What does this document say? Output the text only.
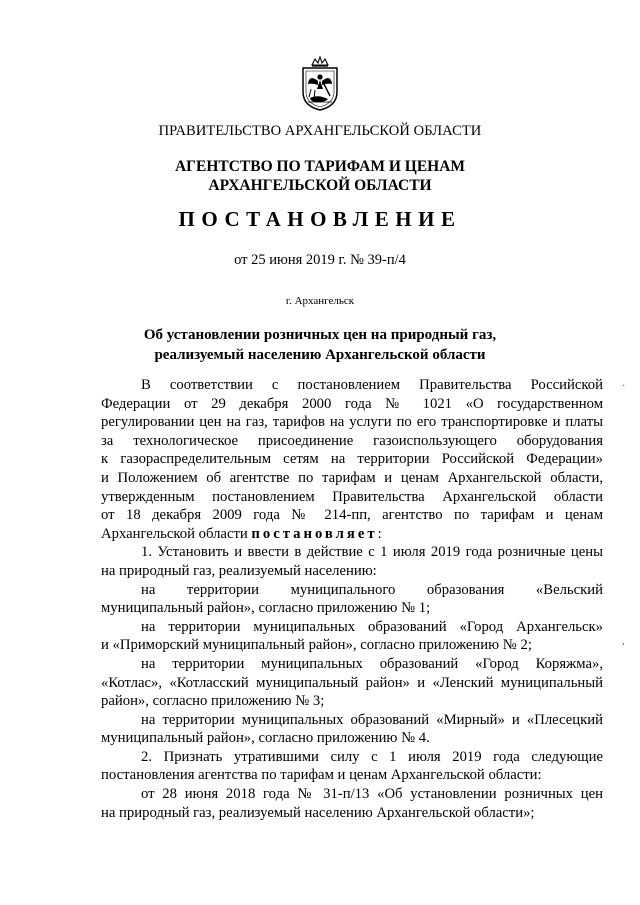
ПРАВИТЕЛЬСТВО АРХАНГЕЛЬСКОЙ ОБЛАСТИ
АГЕНТСТВО ПО ТАРИФАМ И ЦЕНАМ
АРХАНГЕЛЬСКОЙ ОБЛАСТИ
ПОСТАНОВЛЕНИЕ
от 25 июня 2019 г. № 39-п/4
г. Архангельск
Об установлении розничных цен на природный газ,
реализуемый населению Архангельской области

В соответствии с постановлением Правительства Российской

Федерации от 29 декабря 2000 года № 1021 «О государственном

регулировании цен на газ, тарифов на услуги по его транспортировке и платы

за технологическое присоединение газоиспользующего оборудования

к газораспределительным сетям на территории Российской Федерации»

и Положением об агентстве по тарифам и ценам Архангельской области,

утвержденным постановлением Правительства Архангельской области

от 18 декабря 2009 года № 214-пп, агентство по тарифам и ценам

Архангельской области постановляет:

1. Установить и ввести в действие с 1 июля 2019 года розничные цены

на природный газ, реализуемый населению:

на территории муниципального образования «Вельский

муниципальный район», согласно приложению № 1;

на территории муниципальных образований «Город Архангельск»

и «Приморский муниципальный район», согласно приложению № 2;

на территории муниципальных образований «Город Коряжма»,

«Котлас», «Котласский муниципальный район» и «Ленский муниципальный

район», согласно приложению № 3;

на территории муниципальных образований «Мирный» и «Плесецкий

муниципальный район», согласно приложению № 4.

2. Признать утратившими силу с 1 июля 2019 года следующие

постановления агентства по тарифам и ценам Архангельской области:

от 28 июня 2018 года № 31-п/13 «Об установлении розничных цен

на природный газ, реализуемый населению Архангельской области»;

·
,
